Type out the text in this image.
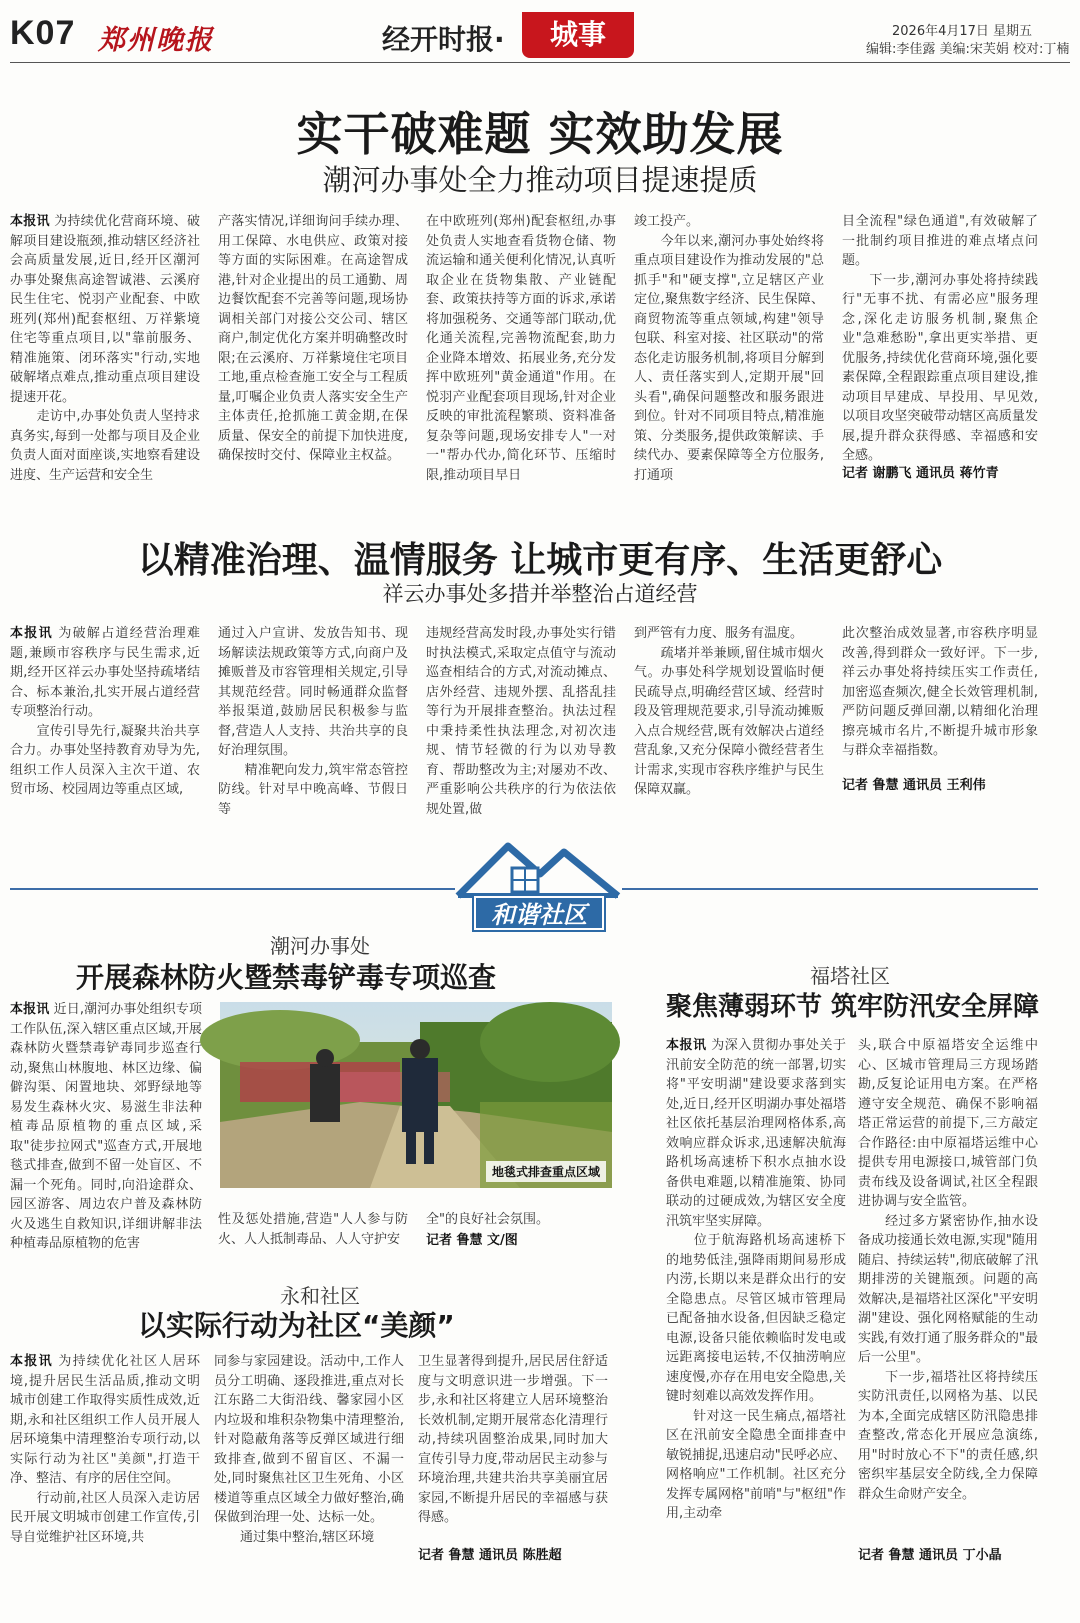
K07 郑州晚报	经开时报·	城事	2026年4月17日 星期五
编辑:李佳露 美编:宋芙娟 校对:丁楠
实干破难题 实效助发展
潮河办事处全力推动项目提速提质
本报讯 为持续优化营商环境、破解项目建设瓶颈,推动辖区经济社会高质量发展,近日,经开区潮河办事处聚焦高途智诚港、云溪府民生住宅、悦羽产业配套、中欧班列(郑州)配套枢纽、万祥紫境住宅等重点项目,以"靠前服务、精准施策、闭环落实"行动,实地破解堵点难点,推动重点项目建设提速开花。
　　走访中,办事处负责人坚持求真务实,每到一处都与项目及企业负责人面对面座谈,实地察看建设进度、生产运营和安全生
产落实情况,详细询问手续办理、用工保障、水电供应、政策对接等方面的实际困难。在高途智成港,针对企业提出的员工通勤、周边餐饮配套不完善等问题,现场协调相关部门对接公交公司、辖区商户,制定优化方案并明确整改时限;在云溪府、万祥紫境住宅项目工地,重点检查施工安全与工程质量,叮嘱企业负责人落实安全生产主体责任,抢抓施工黄金期,在保质量、保安全的前提下加快进度,确保按时交付、保障业主权益。
在中欧班列(郑州)配套枢纽,办事处负责人实地查看货物仓储、物流运输和通关便利化情况,认真听取企业在货物集散、产业链配套、政策扶持等方面的诉求,承诺将加强税务、交通等部门联动,优化通关流程,完善物流配套,助力企业降本增效、拓展业务,充分发挥中欧班列"黄金通道"作用。在悦羽产业配套项目现场,针对企业反映的审批流程繁琐、资料准备复杂等问题,现场安排专人"一对一"帮办代办,简化环节、压缩时限,推动项目早日
竣工投产。
　　今年以来,潮河办事处始终将重点项目建设作为推动发展的"总抓手"和"硬支撑",立足辖区产业定位,聚焦数字经济、民生保障、商贸物流等重点领域,构建"领导包联、科室对接、社区联动"的常态化走访服务机制,将项目分解到人、责任落实到人,定期开展"回头看",确保问题整改和服务跟进到位。针对不同项目特点,精准施策、分类服务,提供政策解读、手续代办、要素保障等全方位服务,打通项
目全流程"绿色通道",有效破解了一批制约项目推进的难点堵点问题。
　　下一步,潮河办事处将持续践行"无事不扰、有需必应"服务理念,深化走访服务机制,聚焦企业"急难愁盼",拿出更实举措、更优服务,持续优化营商环境,强化要素保障,全程跟踪重点项目建设,推动项目早建成、早投用、早见效,以项目攻坚突破带动辖区高质量发展,提升群众获得感、幸福感和安全感。
记者 谢鹏飞 通讯员 蒋竹青
以精准治理、温情服务 让城市更有序、生活更舒心
祥云办事处多措并举整治占道经营
本报讯 为破解占道经营治理难题,兼顾市容秩序与民生需求,近期,经开区祥云办事处坚持疏堵结合、标本兼治,扎实开展占道经营专项整治行动。
　　宣传引导先行,凝聚共治共享合力。办事处坚持教育劝导为先,组织工作人员深入主次干道、农贸市场、校园周边等重点区域,
通过入户宣讲、发放告知书、现场解读法规政策等方式,向商户及摊贩普及市容管理相关规定,引导其规范经营。同时畅通群众监督举报渠道,鼓励居民积极参与监督,营造人人支持、共治共享的良好治理氛围。
　　精准靶向发力,筑牢常态管控防线。针对早中晚高峰、节假日等
违规经营高发时段,办事处实行错时执法模式,采取定点值守与流动巡查相结合的方式,对流动摊点、店外经营、违规外摆、乱搭乱挂等行为开展排查整治。执法过程中秉持柔性执法理念,对初次违规、情节轻微的行为以劝导教育、帮助整改为主;对屡劝不改、严重影响公共秩序的行为依法依规处置,做
到严管有力度、服务有温度。
　　疏堵并举兼顾,留住城市烟火气。办事处科学规划设置临时便民疏导点,明确经营区域、经营时段及管理规范要求,引导流动摊贩入点合规经营,既有效解决占道经营乱象,又充分保障小微经营者生计需求,实现市容秩序维护与民生保障双赢。
此次整治成效显著,市容秩序明显改善,得到群众一致好评。下一步,祥云办事处将持续压实工作责任,加密巡查频次,健全长效管理机制,严防问题反弹回潮,以精细化治理擦亮城市名片,不断提升城市形象与群众幸福指数。
记者 鲁慧 通讯员 王利伟
和谐社区
潮河办事处
开展森林防火暨禁毒铲毒专项巡查
本报讯 近日,潮河办事处组织专项工作队伍,深入辖区重点区域,开展森林防火暨禁毒铲毒同步巡查行动,聚焦山林腹地、林区边缘、偏僻沟渠、闲置地块、郊野绿地等易发生森林火灾、易滋生非法种植毒品原植物的重点区域,采取"徒步拉网式"巡查方式,开展地毯式排查,做到不留一处盲区、不漏一个死角。同时,向沿途群众、园区游客、周边农户普及森林防火及逃生自救知识,详细讲解非法种植毒品原植物的危害
地毯式排查重点区域
性及惩处措施,营造"人人参与防火、人人抵制毒品、人人守护安
全"的良好社会氛围。
记者 鲁慧 文/图
永和社区
以实际行动为社区“美颜”
本报讯 为持续优化社区人居环境,提升居民生活品质,推动文明城市创建工作取得实质性成效,近期,永和社区组织工作人员开展人居环境集中清理整治专项行动,以实际行动为社区"美颜",打造干净、整洁、有序的居住空间。
　　行动前,社区人员深入走访居民开展文明城市创建工作宣传,引导自觉维护社区环境,共
同参与家园建设。活动中,工作人员分工明确、逐段推进,重点对长江东路二大街沿线、馨家园小区内垃圾和堆积杂物集中清理整治,针对隐蔽角落等反弹区域进行细致排查,做到不留盲区、不漏一处,同时聚焦社区卫生死角、小区楼道等重点区域全力做好整治,确保做到治理一处、达标一处。
　　通过集中整治,辖区环境
卫生显著得到提升,居民居住舒适度与文明意识进一步增强。下一步,永和社区将建立人居环境整治长效机制,定期开展常态化清理行动,持续巩固整治成果,同时加大宣传引导力度,带动居民主动参与环境治理,共建共治共享美丽宜居家园,不断提升居民的幸福感与获得感。
记者 鲁慧 通讯员 陈胜超
福塔社区
聚焦薄弱环节 筑牢防汛安全屏障
本报讯 为深入贯彻办事处关于汛前安全防范的统一部署,切实将"平安明湖"建设要求落到实处,近日,经开区明湖办事处福塔社区依托基层治理网格体系,高效响应群众诉求,迅速解决航海路机场高速桥下积水点抽水设备供电难题,以精准施策、协同联动的过硬成效,为辖区安全度汛筑牢坚实屏障。
　　位于航海路机场高速桥下的地势低洼,强降雨期间易形成内涝,长期以来是群众出行的安全隐患点。尽管区城市管理局已配备抽水设备,但因缺乏稳定电源,设备只能依赖临时发电或远距离接电运转,不仅抽涝响应速度慢,亦存在用电安全隐患,关键时刻难以高效发挥作用。
　　针对这一民生痛点,福塔社区在汛前安全隐患全面排查中敏锐捕捉,迅速启动"民呼必应、网格响应"工作机制。社区充分发挥专属网格"前哨"与"枢纽"作用,主动牵
头,联合中原福塔安全运维中心、区城市管理局三方现场踏勘,反复论证用电方案。在严格遵守安全规范、确保不影响福塔正常运营的前提下,三方敲定合作路径:由中原福塔运维中心提供专用电源接口,城管部门负责布线及设备调试,社区全程跟进协调与安全监管。
　　经过多方紧密协作,抽水设备成功接通长效电源,实现"随用随启、持续运转",彻底破解了汛期排涝的关键瓶颈。问题的高效解决,是福塔社区深化"平安明湖"建设、强化网格赋能的生动实践,有效打通了服务群众的"最后一公里"。
　　下一步,福塔社区将持续压实防汛责任,以网格为基、以民为本,全面完成辖区防汛隐患排查整改,常态化开展应急演练,用"时时放心不下"的责任感,织密织牢基层安全防线,全力保障群众生命财产安全。
记者 鲁慧 通讯员 丁小晶
